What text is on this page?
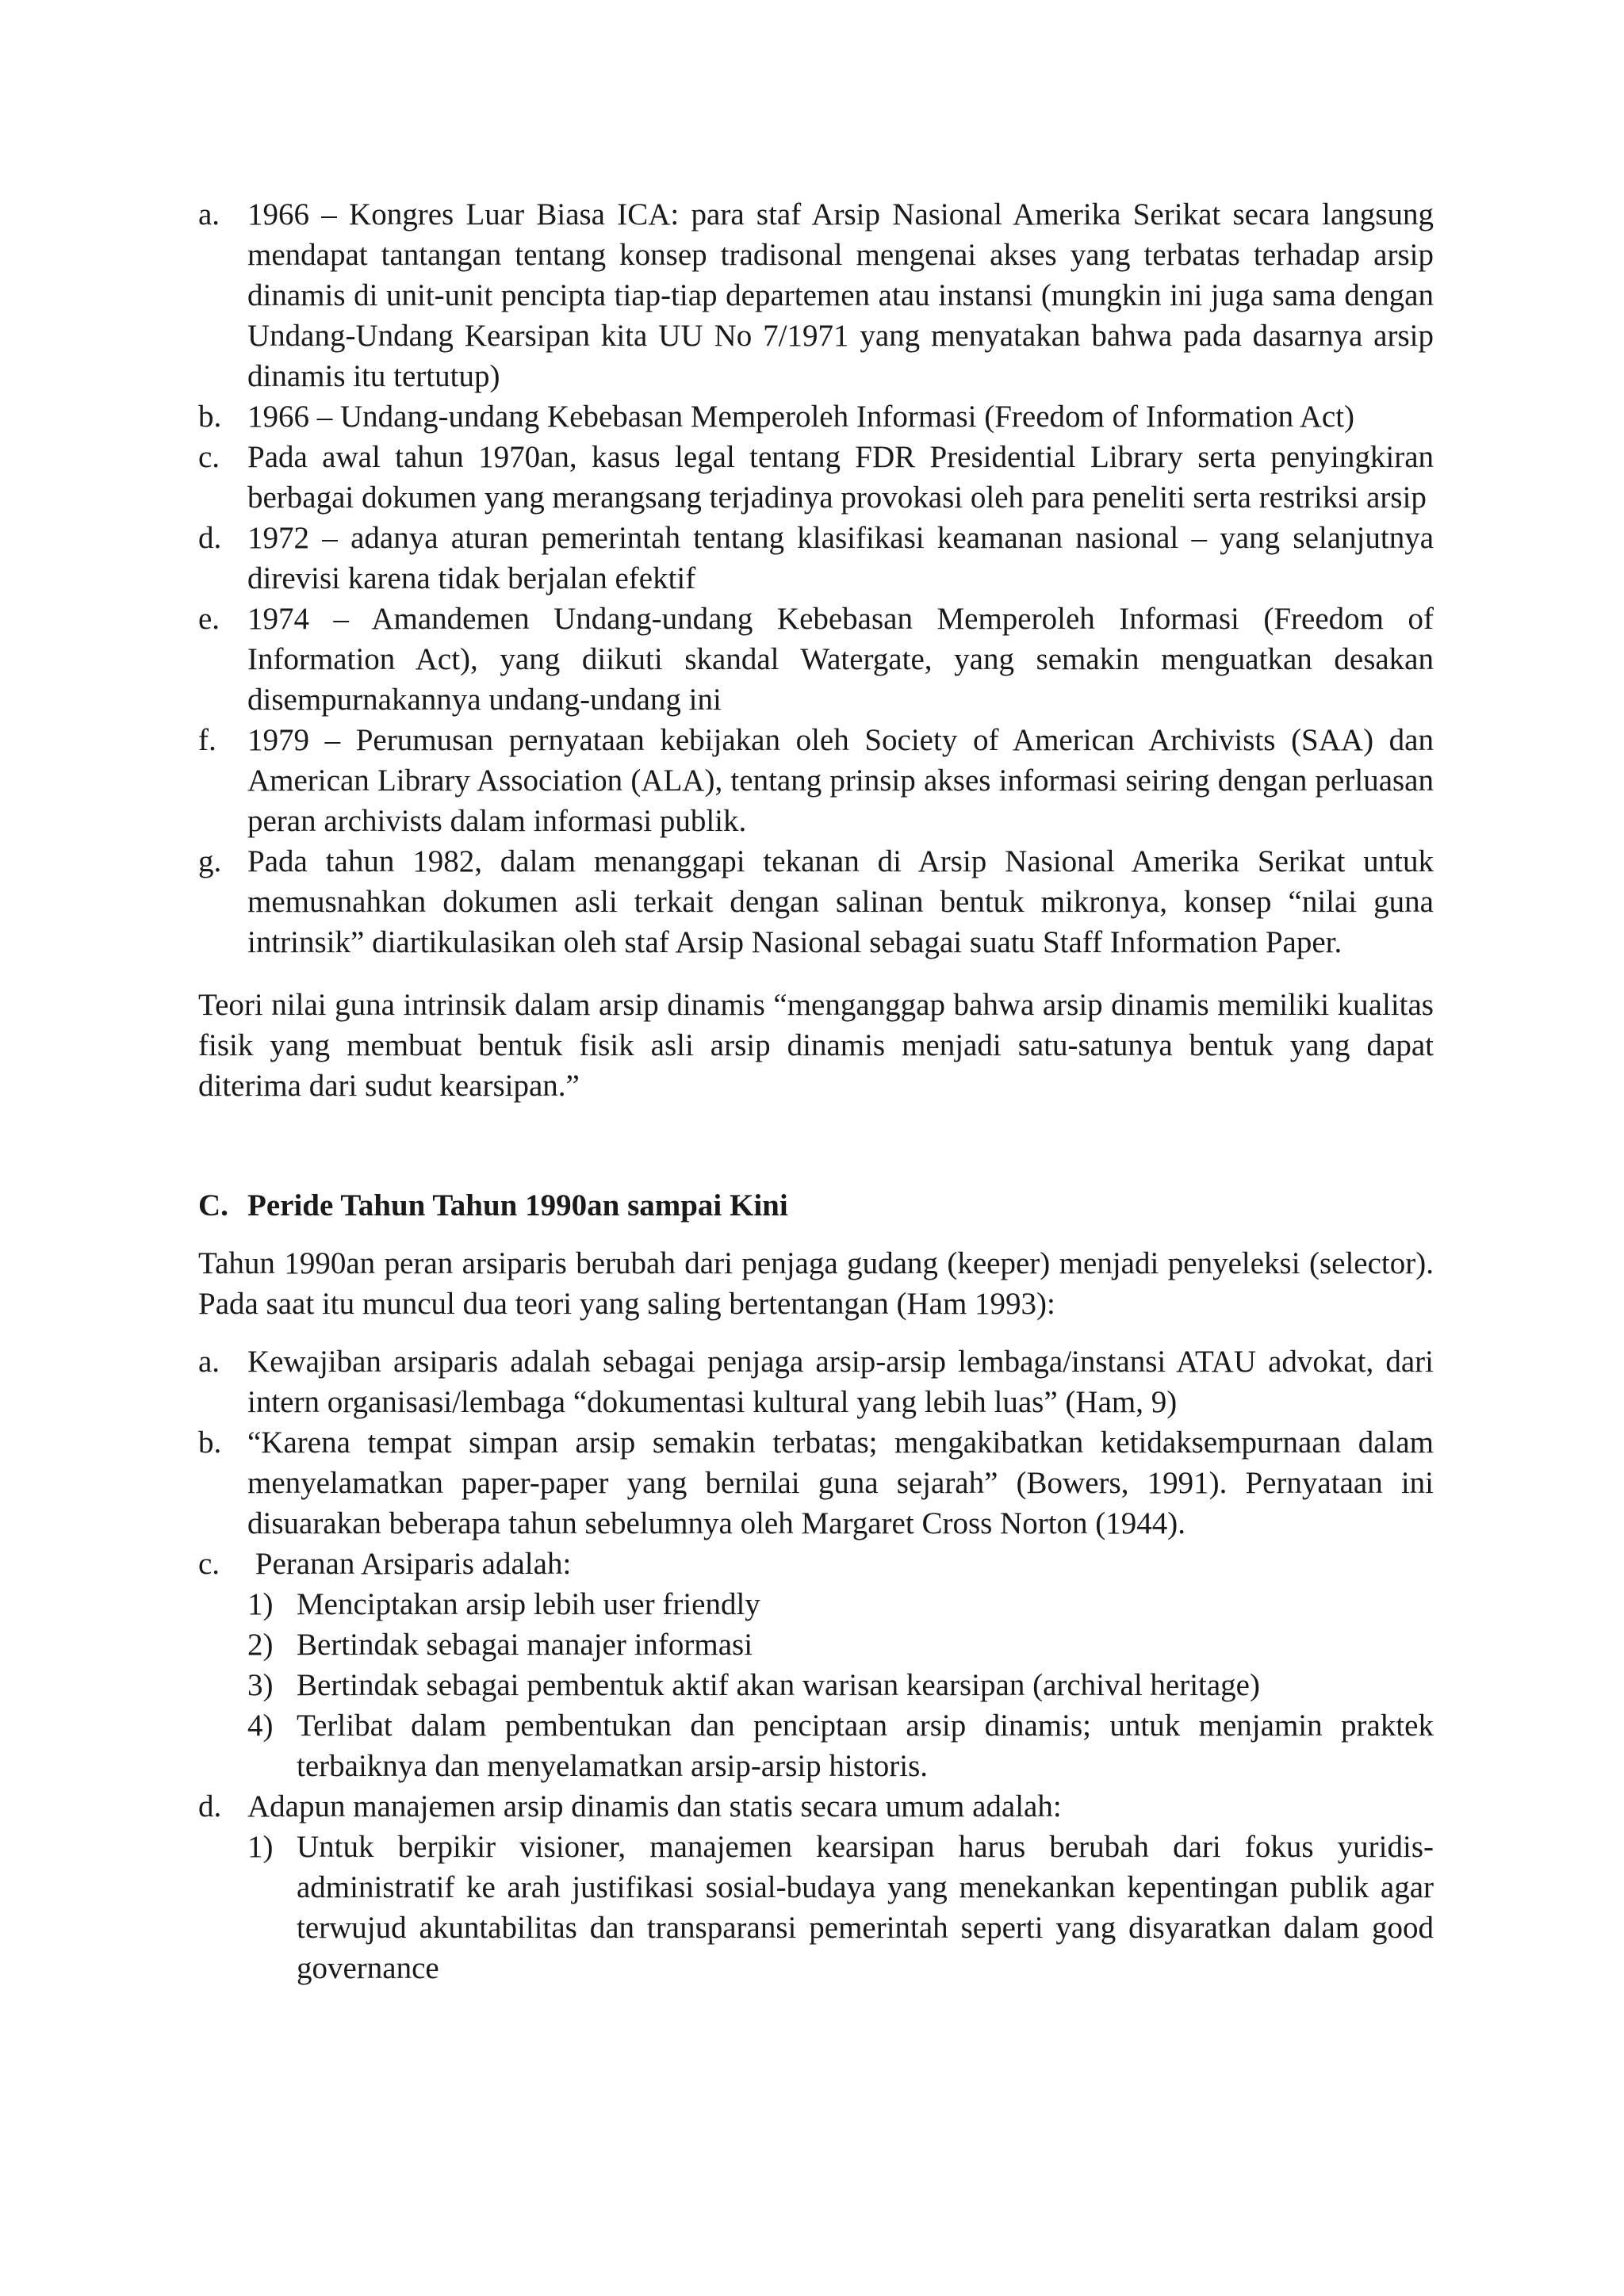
a. 1966 – Kongres Luar Biasa ICA: para staf Arsip Nasional Amerika Serikat secara langsung mendapat tantangan tentang konsep tradisonal mengenai akses yang terbatas terhadap arsip dinamis di unit-unit pencipta tiap-tiap departemen atau instansi (mungkin ini juga sama dengan Undang-Undang Kearsipan kita UU No 7/1971 yang menyatakan bahwa pada dasarnya arsip dinamis itu tertutup)
b. 1966 – Undang-undang Kebebasan Memperoleh Informasi (Freedom of Information Act)
c. Pada awal tahun 1970an, kasus legal tentang FDR Presidential Library serta penyingkiran berbagai dokumen yang merangsang terjadinya provokasi oleh para peneliti serta restriksi arsip
d. 1972 – adanya aturan pemerintah tentang klasifikasi keamanan nasional – yang selanjutnya direvisi karena tidak berjalan efektif
e. 1974 – Amandemen Undang-undang Kebebasan Memperoleh Informasi (Freedom of Information Act), yang diikuti skandal Watergate, yang semakin menguatkan desakan disempurnakannya undang-undang ini
f.	1979 – Perumusan pernyataan kebijakan oleh Society of American Archivists (SAA) dan American Library Association (ALA), tentang prinsip akses informasi seiring dengan perluasan peran archivists dalam informasi publik.
g. Pada tahun 1982, dalam menanggapi tekanan di Arsip Nasional Amerika Serikat untuk memusnahkan dokumen asli terkait dengan salinan bentuk mikronya, konsep “nilai guna intrinsik” diartikulasikan oleh staf Arsip Nasional sebagai suatu Staff Information Paper.

Teori nilai guna intrinsik dalam arsip dinamis “menganggap bahwa arsip dinamis memiliki kualitas fisik yang membuat bentuk fisik asli arsip dinamis menjadi satu-satunya bentuk yang dapat diterima dari sudut kearsipan.”

C. Peride Tahun Tahun 1990an sampai Kini

Tahun 1990an peran arsiparis berubah dari penjaga gudang (keeper) menjadi penyeleksi (selector). Pada saat itu muncul dua teori yang saling bertentangan (Ham 1993):

a. Kewajiban arsiparis adalah sebagai penjaga arsip-arsip lembaga/instansi ATAU advokat, dari intern organisasi/lembaga “dokumentasi kultural yang lebih luas” (Ham, 9)
b. “Karena tempat simpan arsip semakin terbatas; mengakibatkan ketidaksempurnaan dalam menyelamatkan paper-paper yang bernilai guna sejarah” (Bowers, 1991). Pernyataan ini disuarakan beberapa tahun sebelumnya oleh Margaret Cross Norton (1944).
c. Peranan Arsiparis adalah:
1) Menciptakan arsip lebih user friendly
2) Bertindak sebagai manajer informasi
3) Bertindak sebagai pembentuk aktif akan warisan kearsipan (archival heritage)
4) Terlibat dalam pembentukan dan penciptaan arsip dinamis; untuk menjamin praktek terbaiknya dan menyelamatkan arsip-arsip historis.
d. Adapun manajemen arsip dinamis dan statis secara umum adalah:
1) Untuk berpikir visioner, manajemen kearsipan harus berubah dari fokus yuridis-administratif ke arah justifikasi sosial-budaya yang menekankan kepentingan publik agar terwujud akuntabilitas dan transparansi pemerintah seperti yang disyaratkan dalam good governance
